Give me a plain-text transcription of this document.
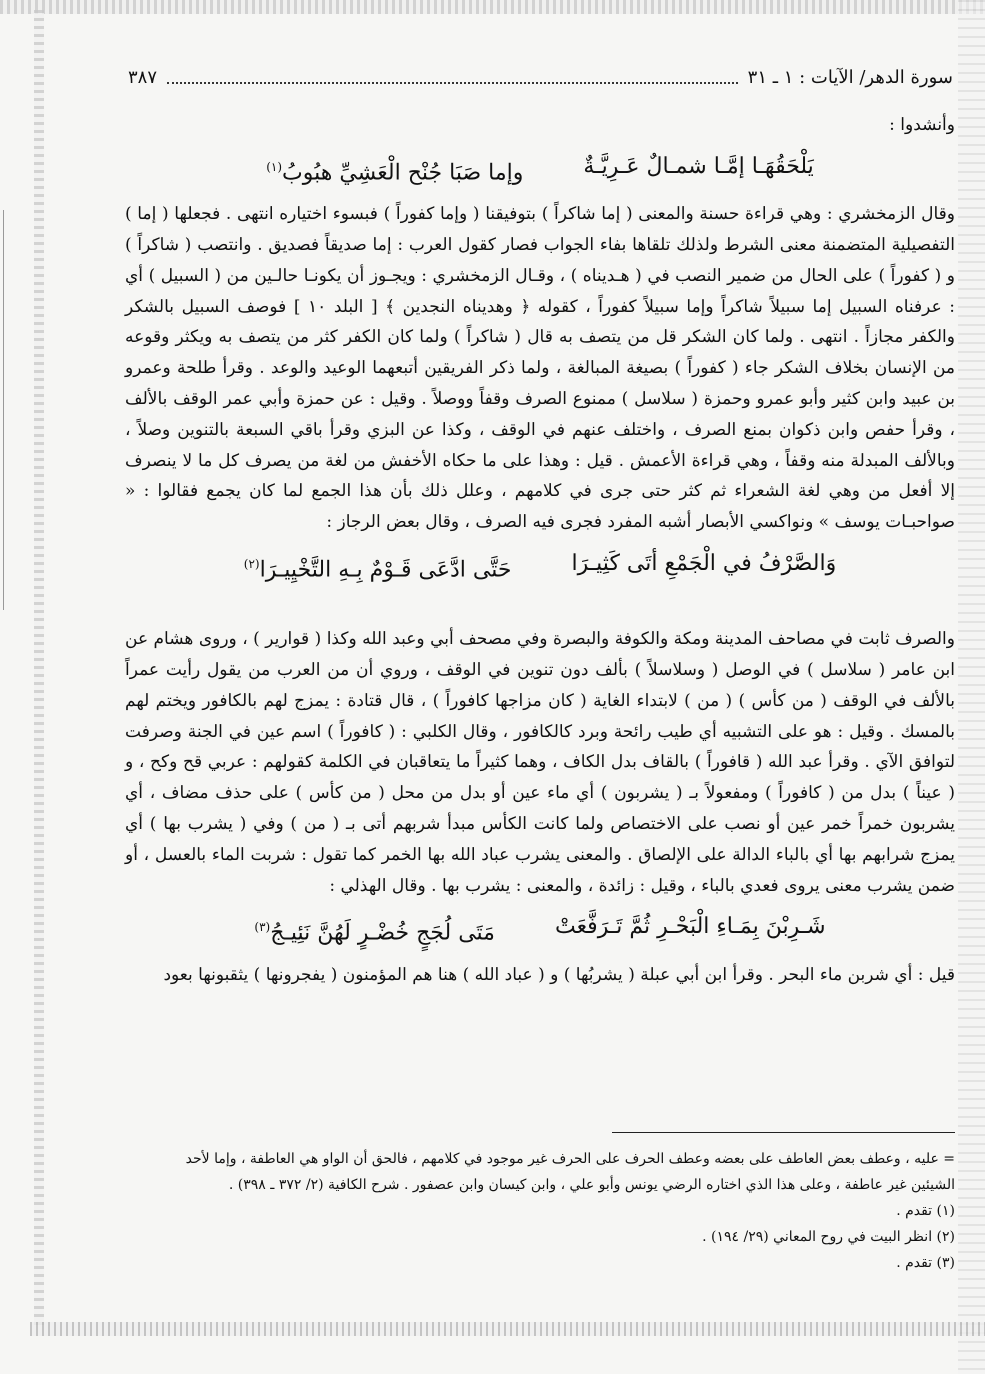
سورة الدهر/ الآيات : ١ ـ ٣١
٣٨٧

وأنشدوا :

يَلْحَقُهَـا إمَّـا شمـالٌ عَـرِيَّـةٌ
وإما صَبَا جُنْح الْعَشِيِّ هبُوبُ$^{(١)}$

وقال الزمخشري : وهي قراءة حسنة والمعنى ( إما شاكراً ) بتوفيقنا ( وإما كفوراً ) فبسوء اختياره انتهى . فجعلها ( إما ) التفصيلية المتضمنة معنى الشرط ولذلك تلقاها بفاء الجواب فصار كقول العرب : إما صديقاً فصديق . وانتصب ( شاكراً ) و ( كفوراً ) على الحال من ضمير النصب في ( هـديناه ) ، وقـال الزمخشري : ويجـوز أن يكونـا حالـين من ( السبيل ) أي : عرفناه السبيل إما سبيلاً شاكراً وإما سبيلاً كفوراً ، كقوله ﴿ وهديناه النجدين ﴾ [ البلد ١٠ ] فوصف السبيل بالشكر والكفر مجازاً . انتهى . ولما كان الشكر قل من يتصف به قال ( شاكراً ) ولما كان الكفر كثر من يتصف به ويكثر وقوعه من الإنسان بخلاف الشكر جاء ( كفوراً ) بصيغة المبالغة ، ولما ذكر الفريقين أتبعهما الوعيد والوعد . وقرأ طلحة وعمرو بن عبيد وابن كثير وأبو عمرو وحمزة ( سلاسل ) ممنوع الصرف وقفاً ووصلاً . وقيل : عن حمزة وأبي عمر الوقف بالألف ، وقرأ حفص وابن ذكوان بمنع الصرف ، واختلف عنهم في الوقف ، وكذا عن البزي وقرأ باقي السبعة بالتنوين وصلاً ، وبالألف المبدلة منه وقفاً ، وهي قراءة الأعمش . قيل : وهذا على ما حكاه الأخفش من لغة من يصرف كل ما لا ينصرف إلا أفعل من وهي لغة الشعراء ثم كثر حتى جرى في كلامهم ، وعلل ذلك بأن هذا الجمع لما كان يجمع فقالوا : « صواحبـات يوسف » ونواكسي الأبصار أشبه المفرد فجرى فيه الصرف ، وقال بعض الرجاز :

وَالصَّرْفُ في الْجَمْعِ أتَى كَثِيـرَا
حَتَّى ادَّعَى قَـوْمٌ بِـهِ التَّخْيِيـرَا$^{(٢)}$

والصرف ثابت في مصاحف المدينة ومكة والكوفة والبصرة وفي مصحف أبي وعبد الله وكذا ( قوارير ) ، وروى هشام عن ابن عامر ( سلاسل ) في الوصل ( وسلاسلاً ) بألف دون تنوين في الوقف ، وروي أن من العرب من يقول رأيت عمراً بالألف في الوقف ( من كأس ) ( من ) لابتداء الغاية ( كان مزاجها كافوراً ) ، قال قتادة : يمزج لهم بالكافور ويختم لهم بالمسك . وقيل : هو على التشبيه أي طيب رائحة وبرد كالكافور ، وقال الكلبي : ( كافوراً ) اسم عين في الجنة وصرفت لتوافق الآي . وقرأ عبد الله ( قافوراً ) بالقاف بدل الكاف ، وهما كثيراً ما يتعاقبان في الكلمة كقولهم : عربي قح وكح ، و ( عيناً ) بدل من ( كافوراً ) ومفعولاً بـ ( يشربون ) أي ماء عين أو بدل من محل ( من كأس ) على حذف مضاف ، أي يشربون خمراً خمر عين أو نصب على الاختصاص ولما كانت الكأس مبدأ شربهم أتى بـ ( من ) وفي ( يشرب بها ) أي يمزج شرابهم بها أي بالباء الدالة على الإلصاق . والمعنى يشرب عباد الله بها الخمر كما تقول : شربت الماء بالعسل ، أو ضمن يشرب معنى يروى فعدي بالباء ، وقيل : زائدة ، والمعنى : يشرب بها . وقال الهذلي :

شَـرِبْنَ بِمَـاءِ الْبَحْـرِ ثُمَّ تَـرَفَّعَتْ
مَتَى لُجَجٍ خُضْـرٍ لَهُنَّ نَئِيـجُ$^{(٣)}$

قيل : أي شربن ماء البحر . وقرأ ابن أبي عبلة ( يشربُها ) و ( عباد الله ) هنا هم المؤمنون ( يفجرونها ) يثقبونها بعود

= عليه ، وعطف بعض العاطف على بعضه وعطف الحرف على الحرف غير موجود في كلامهم ، فالحق أن الواو هي العاطفة ، وإما لأحد الشيئين غير عاطفة ، وعلى هذا الذي اختاره الرضي يونس وأبو علي ، وابن كيسان وابن عصفور . شرح الكافية (٢/ ٣٧٢ ـ ٣٩٨) .

(١) تقدم .

(٢) انظر البيت في روح المعاني (٢٩/ ١٩٤) .

(٣) تقدم .
